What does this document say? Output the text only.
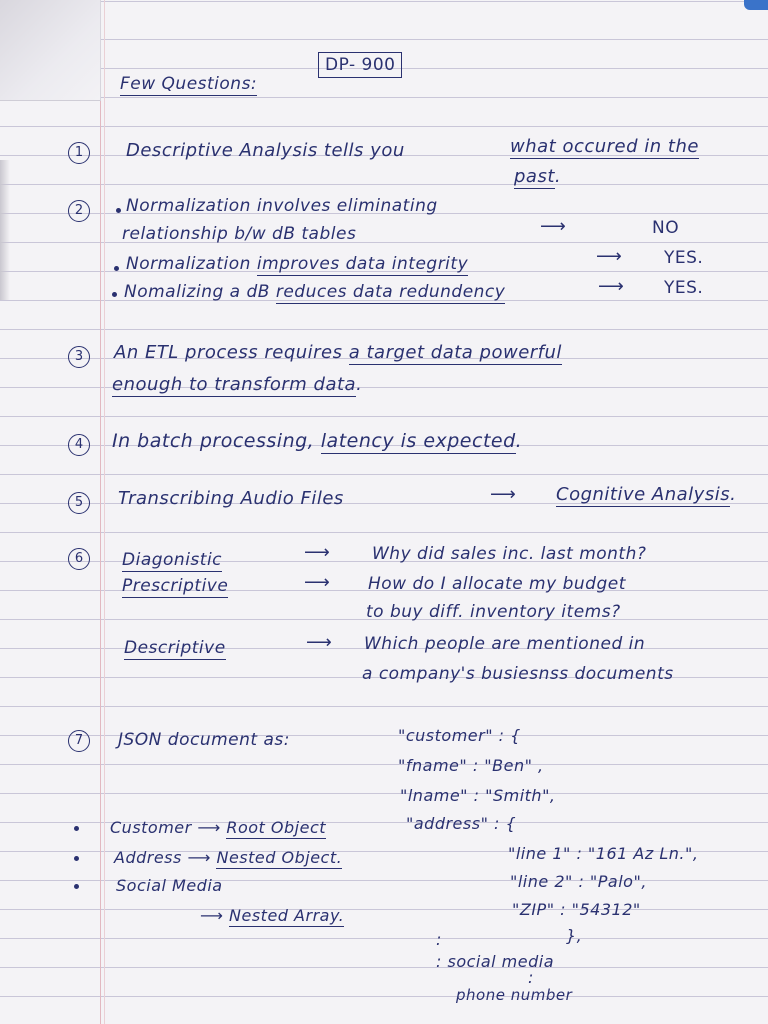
Few Questions:
DP- 900
1	Descriptive Analysis tells you	what occured in the
past.
2	Normalization involves eliminating
relationship b/w dB tables	⟶	NO
Normalization improves data integrity	⟶ YES.
Nomalizing a dB reduces data redundency	⟶ YES.
3	An ETL process requires a target data powerful
enough to transform data.
4	In batch processing, latency is expected.
5	Transcribing Audio Files	⟶ Cognitive Analysis.
6	Diagonistic	⟶ Why did sales inc. last month?
Prescriptive	⟶ How do I allocate my budget
to buy diff. inventory items?
Descriptive	⟶ Which people are mentioned in
a company's busiesnss documents
7	JSON document as:	"customer" : {
"fname" : "Ben" ,
"lname" : "Smith",
"address" : {
"line 1" : "161 Az Ln.",
"line 2" : "Palo",
"ZIP" : "54312"
},
:
: social media
:
phone number
Customer ⟶ Root Object
Address ⟶ Nested Object.
Social Media
⟶ Nested Array.
